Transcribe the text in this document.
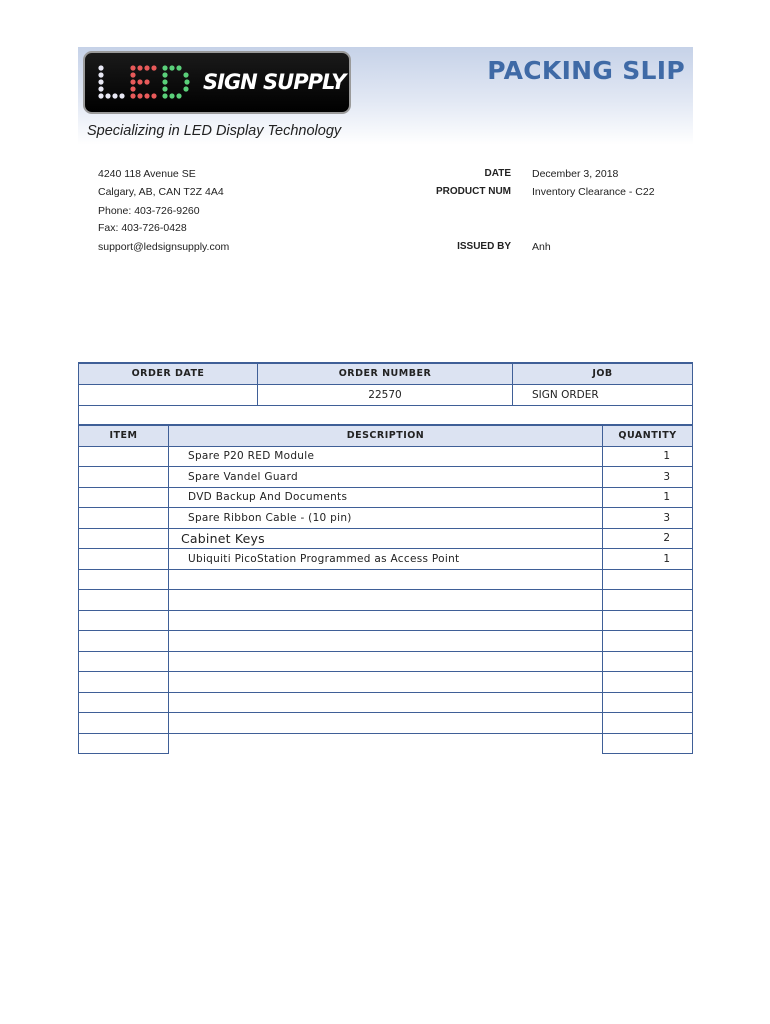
SIGN SUPPLY
Specializing in LED Display Technology
PACKING SLIP
4240 118 Avenue SE
Calgary, AB, CAN T2Z 4A4
Phone: 403-726-9260
Fax: 403-726-0428
support@ledsignsupply.com
DATE December 3, 2018
PRODUCT NUM Inventory Clearance - C22
ISSUED BY Anh
ORDER DATE	ORDER NUMBER	JOB
	22570	SIGN ORDER

ITEM	DESCRIPTION	QUANTITY
	Spare P20 RED Module	1
	Spare Vandel Guard	3
	DVD Backup And Documents	1
	Spare Ribbon Cable - (10 pin)	3
	Cabinet Keys	2
	Ubiquiti PicoStation Programmed as Access Point	1
